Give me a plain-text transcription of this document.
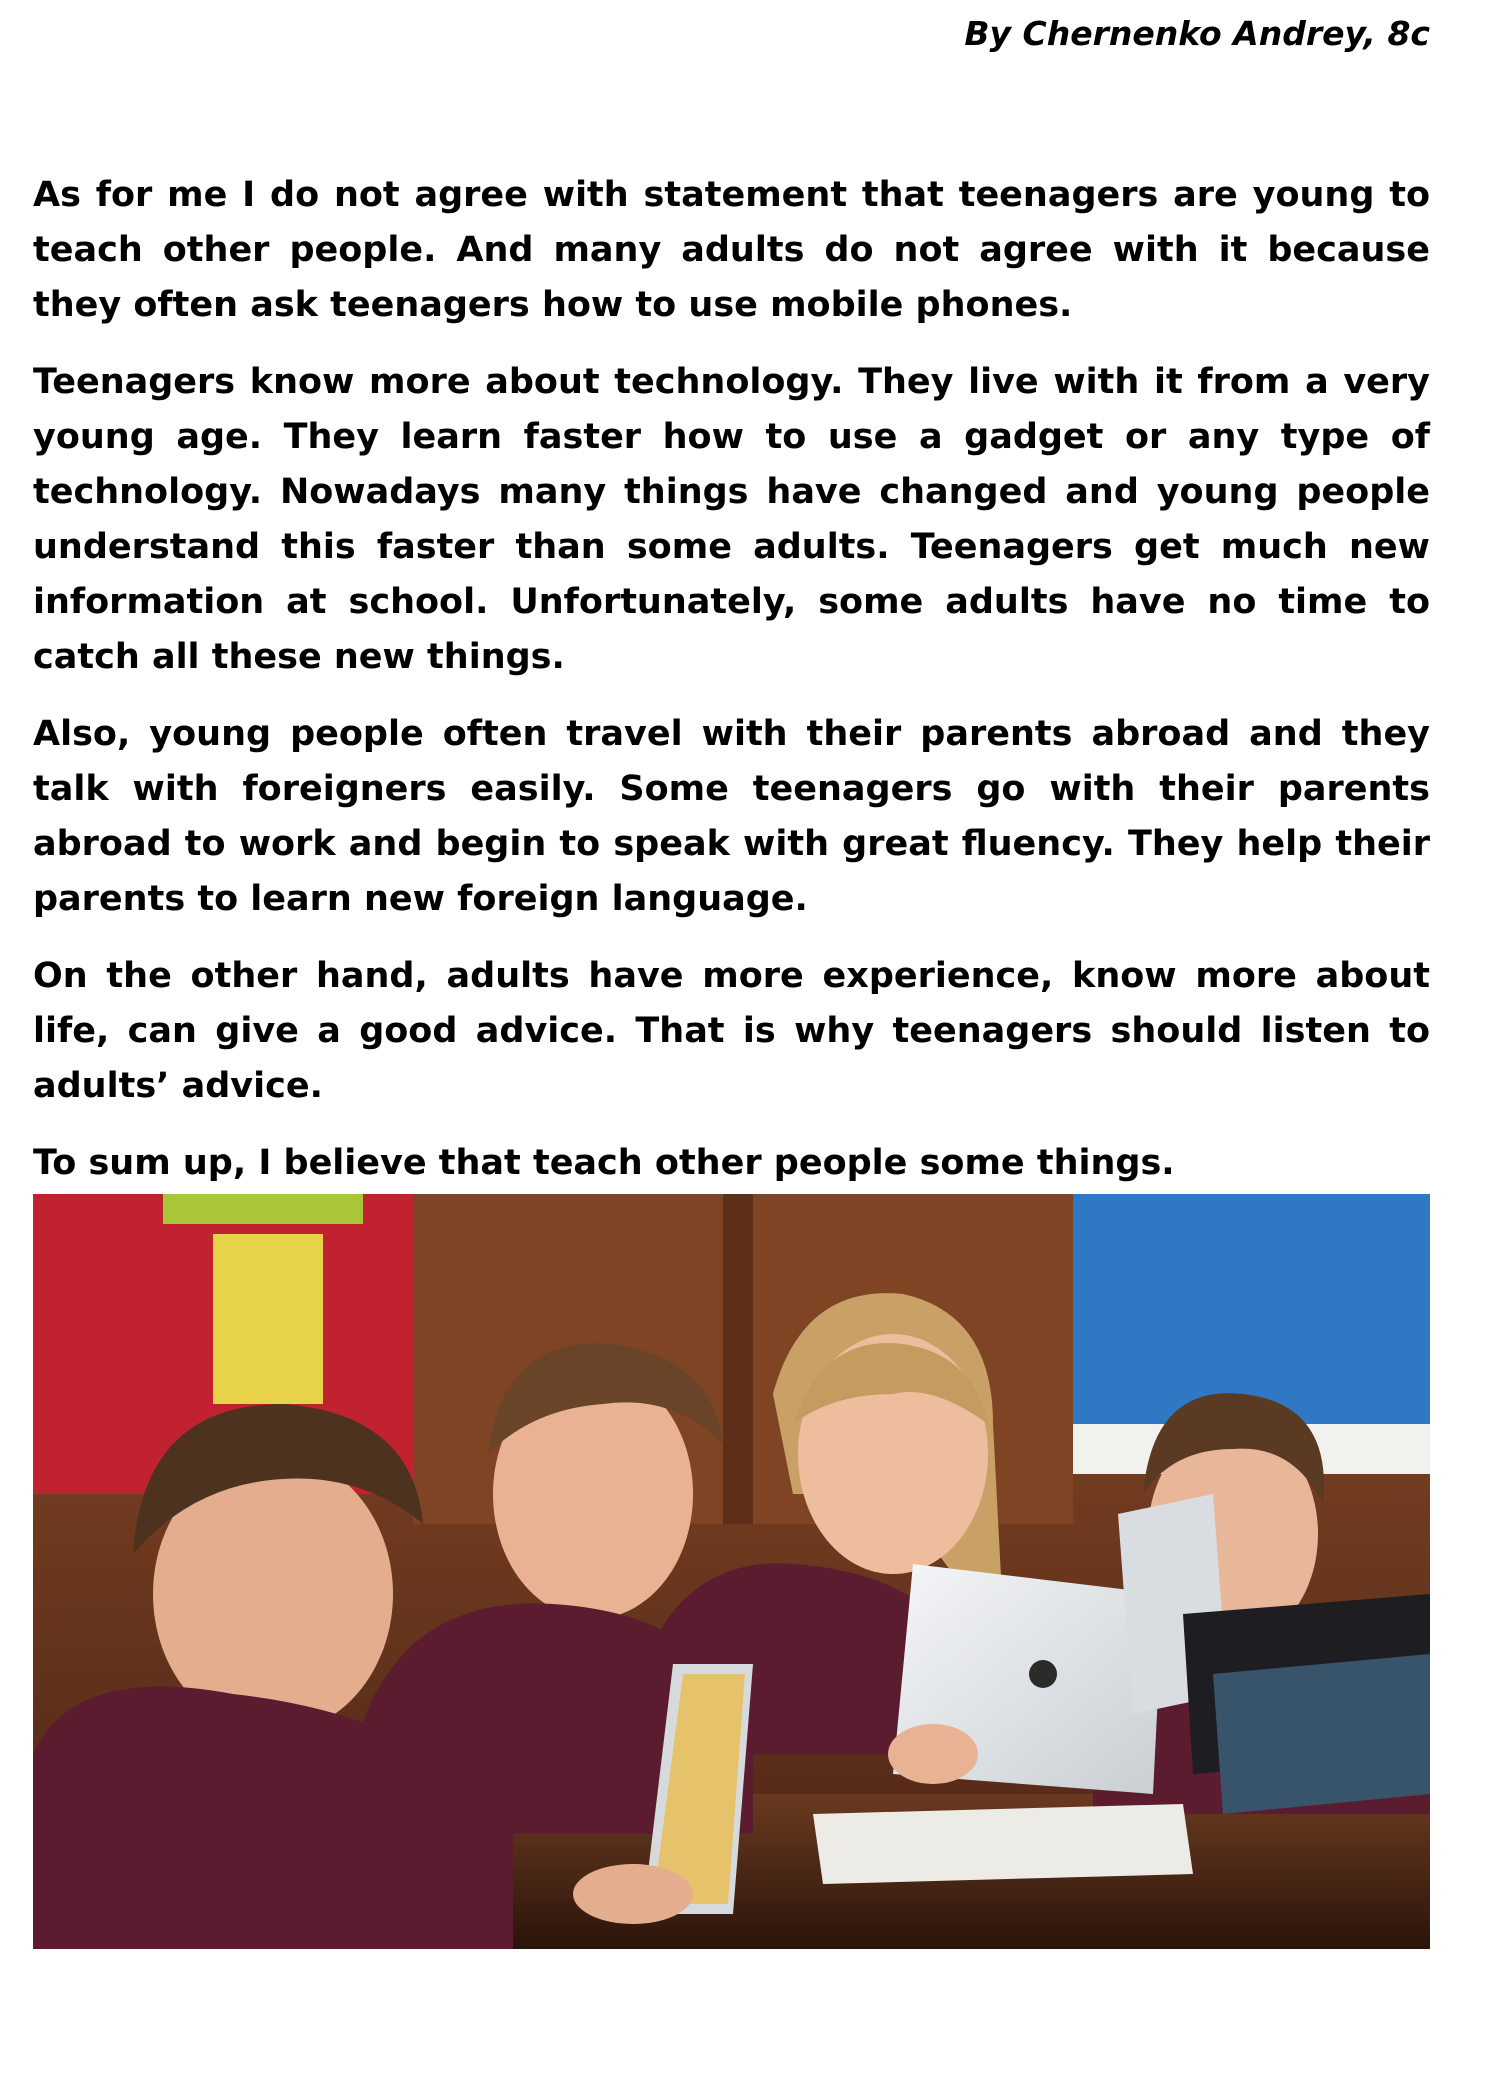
By Chernenko Andrey, 8c

As for me I do not agree with statement that teenagers are young to teach other people. And many adults do not agree with it because they often ask teenagers how to use mobile phones.

Teenagers know more about technology. They live with it from a very young age. They learn faster how to use a gadget or any type of technology. Nowadays many things have changed and young people understand this faster than some adults. Teenagers get much new information at school. Unfortunately, some adults have no time to catch all these new things.

Also, young people often travel with their parents abroad and they talk with foreigners easily. Some teenagers go with their parents abroad to work and begin to speak with great fluency. They help their parents to learn new foreign language.

On the other hand, adults have more experience, know more about life, can give a good advice. That is why teenagers should listen to adults’ advice.

To sum up, I believe that teach other people some things.
